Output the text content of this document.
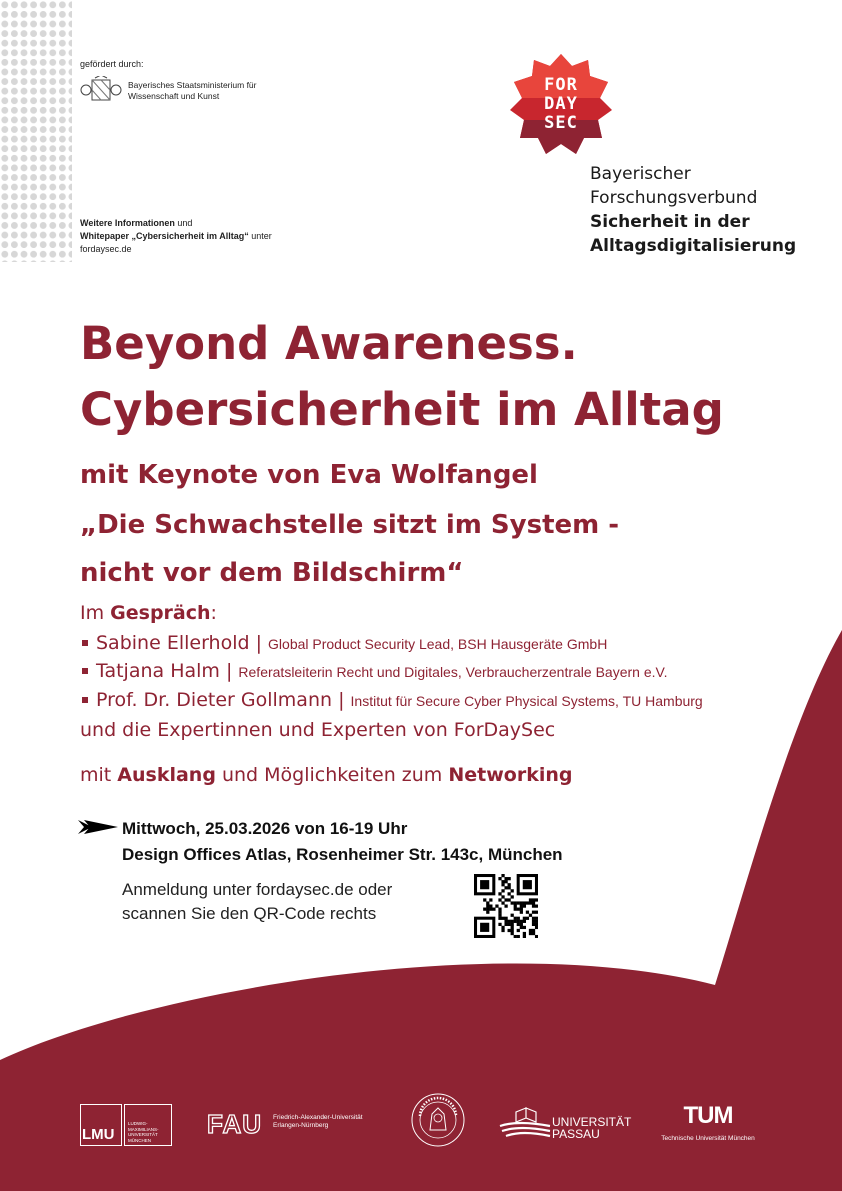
gefördert durch:
Bayerisches Staatsministerium für
Wissenschaft und Kunst
Weitere Informationen und
Whitepaper „Cybersicherheit im Alltag“ unter
fordaysec.de
FOR
DAY
SEC
Bayerischer
Forschungsverbund
Sicherheit in der
Alltagsdigitalisierung
Beyond Awareness.
Cybersicherheit im Alltag
mit Keynote von Eva Wolfangel
„Die Schwachstelle sitzt im System -
nicht vor dem Bildschirm“
Im Gespräch:
Sabine Ellerhold | Global Product Security Lead, BSH Hausgeräte GmbH
Tatjana Halm | Referatsleiterin Recht und Digitales, Verbraucherzentrale Bayern e.V.
Prof. Dr. Dieter Gollmann | Institut für Secure Cyber Physical Systems, TU Hamburg
und die Expertinnen und Experten von ForDaySec
mit Ausklang und Möglichkeiten zum Networking
Mittwoch, 25.03.2026 von 16-19 Uhr
Design Offices Atlas, Rosenheimer Str. 143c, München
Anmeldung unter fordaysec.de oder
scannen Sie den QR-Code rechts
LMU
LUDWIG-
MAXIMILIANS-
UNIVERSITÄT
MÜNCHEN
FAU Friedrich-Alexander-Universität
Erlangen-Nürnberg	UNIVERSITÄT
PASSAU
TUM
Technische Universität München
